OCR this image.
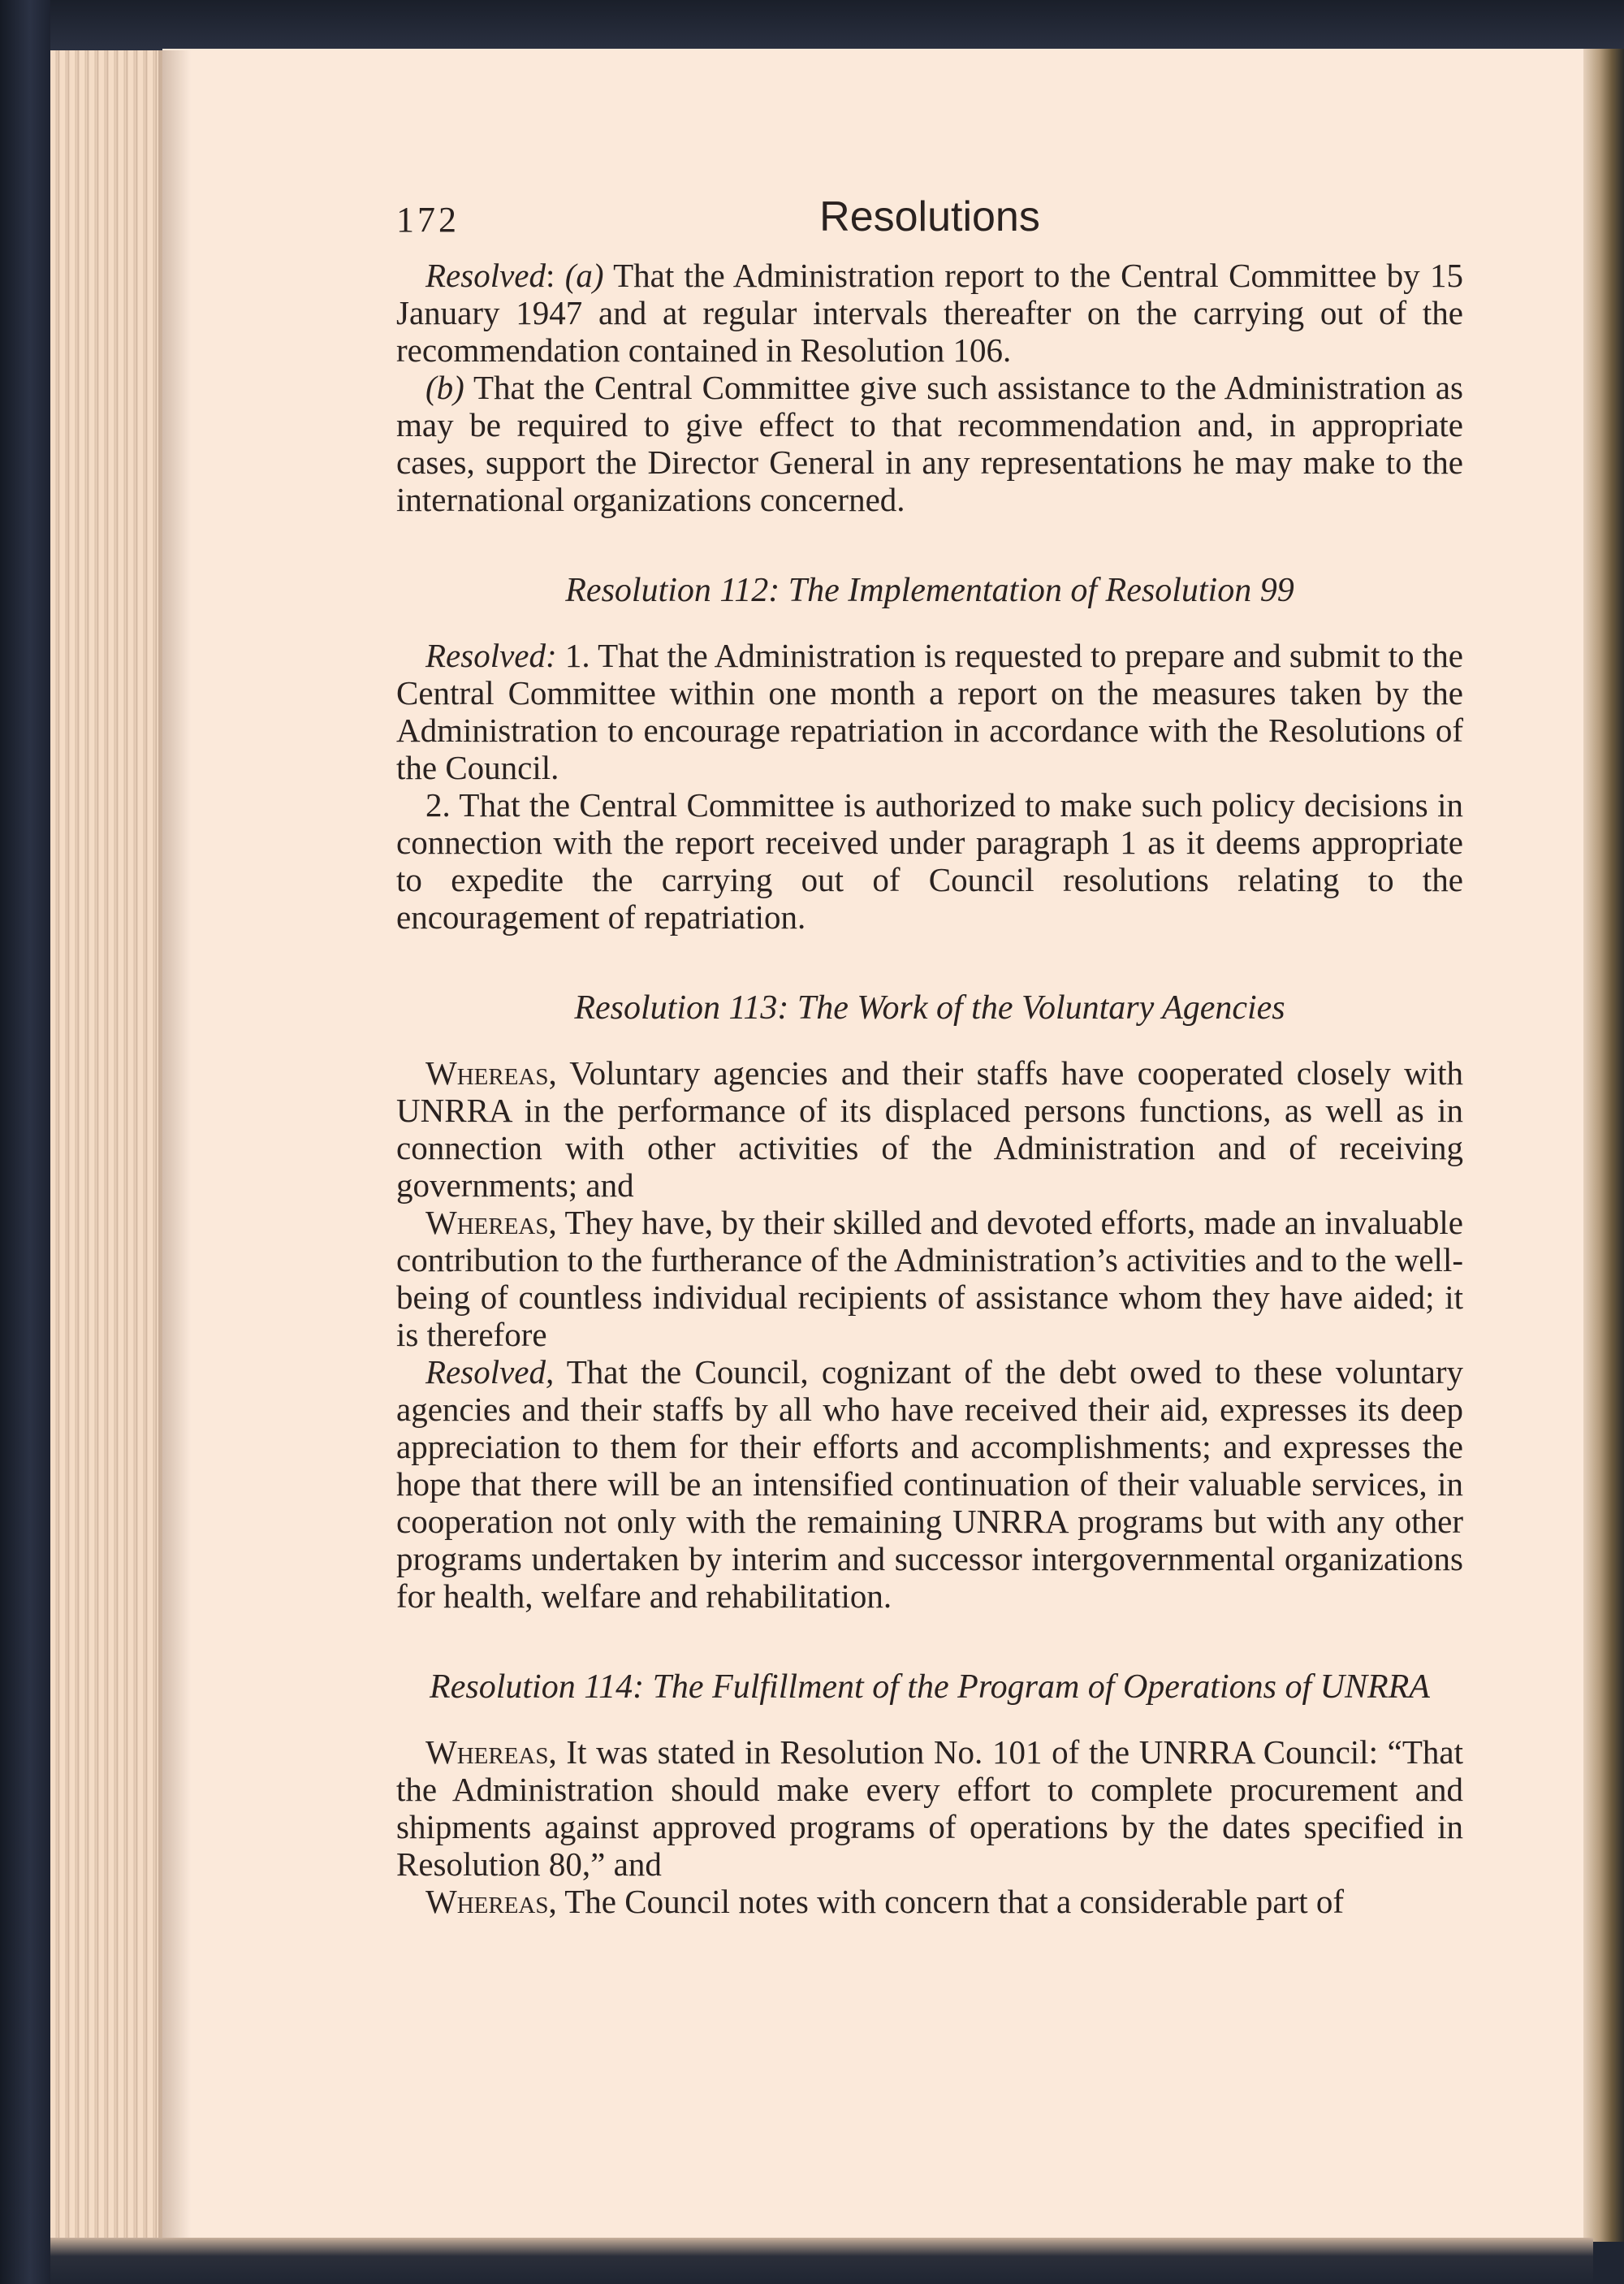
172	Resolutions

Resolved: (a) That the Administration report to the Central Committee by 15 January 1947 and at regular intervals thereafter on the carrying out of the recommendation contained in Resolution 106.

(b) That the Central Committee give such assistance to the Administration as may be required to give effect to that recommendation and, in appropriate cases, support the Director General in any representations he may make to the international organizations concerned.

Resolution 112: The Implementation of Resolution 99

Resolved: 1. That the Administration is requested to prepare and submit to the Central Committee within one month a report on the measures taken by the Administration to encourage repatriation in accordance with the Resolutions of the Council.

2. That the Central Committee is authorized to make such policy decisions in connection with the report received under paragraph 1 as it deems appropriate to expedite the carrying out of Council resolutions relating to the encouragement of repatriation.

Resolution 113: The Work of the Voluntary Agencies

Whereas, Voluntary agencies and their staffs have cooperated closely with UNRRA in the performance of its displaced persons functions, as well as in connection with other activities of the Administration and of receiving governments; and

Whereas, They have, by their skilled and devoted efforts, made an invaluable contribution to the furtherance of the Administration’s activities and to the well-being of countless individual recipients of assistance whom they have aided; it is therefore

Resolved, That the Council, cognizant of the debt owed to these voluntary agencies and their staffs by all who have received their aid, expresses its deep appreciation to them for their efforts and accomplishments; and expresses the hope that there will be an intensified continuation of their valuable services, in cooperation not only with the remaining UNRRA programs but with any other programs undertaken by interim and successor intergovernmental organizations for health, welfare and rehabilitation.

Resolution 114: The Fulfillment of the Program of Operations of UNRRA

Whereas, It was stated in Resolution No. 101 of the UNRRA Council: “That the Administration should make every effort to complete procurement and shipments against approved programs of operations by the dates specified in Resolution 80,” and

Whereas, The Council notes with concern that a considerable part of
